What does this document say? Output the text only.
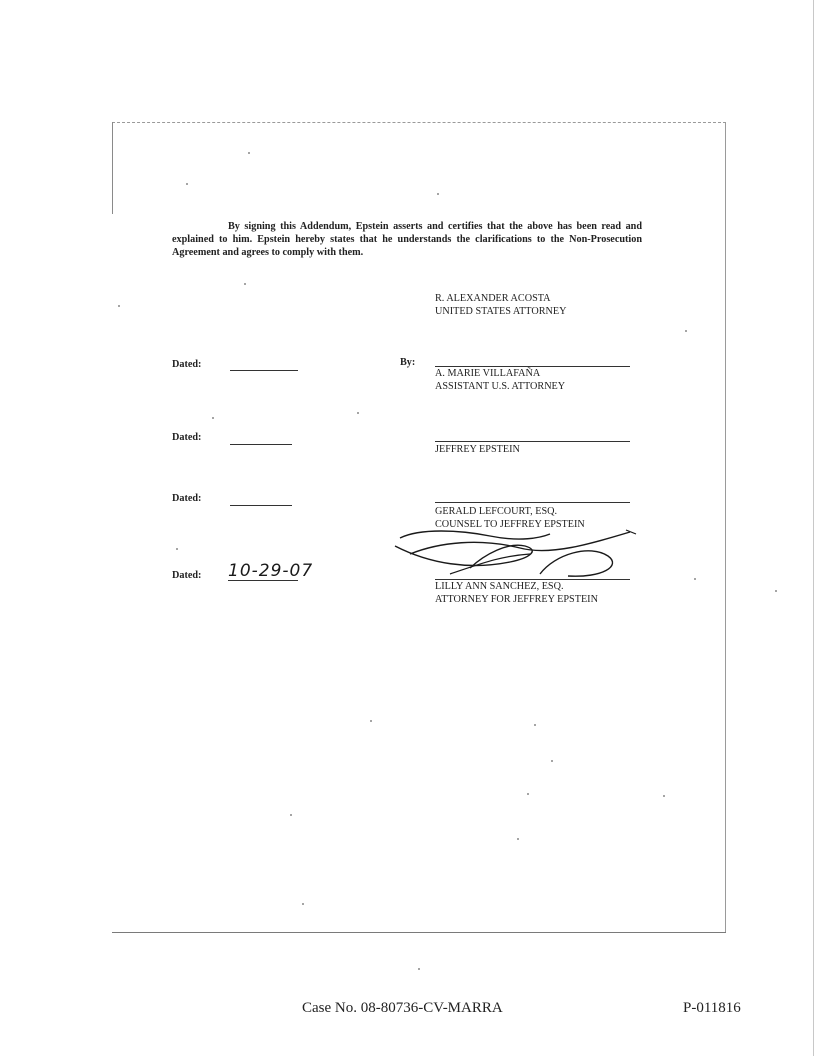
By signing this Addendum, Epstein asserts and certifies that the above has been read and explained to him. Epstein hereby states that he understands the clarifications to the Non-Prosecution Agreement and agrees to comply with them.
R. ALEXANDER ACOSTA
UNITED STATES ATTORNEY
Dated:	By:
A. MARIE VILLAFAÑA
ASSISTANT U.S. ATTORNEY
Dated:
JEFFREY EPSTEIN
Dated:
GERALD LEFCOURT, ESQ.
COUNSEL TO JEFFREY EPSTEIN
Dated: 10-29-07
LILLY ANN SANCHEZ, ESQ.
ATTORNEY FOR JEFFREY EPSTEIN
Case No. 08-80736-CV-MARRA	P-011816
